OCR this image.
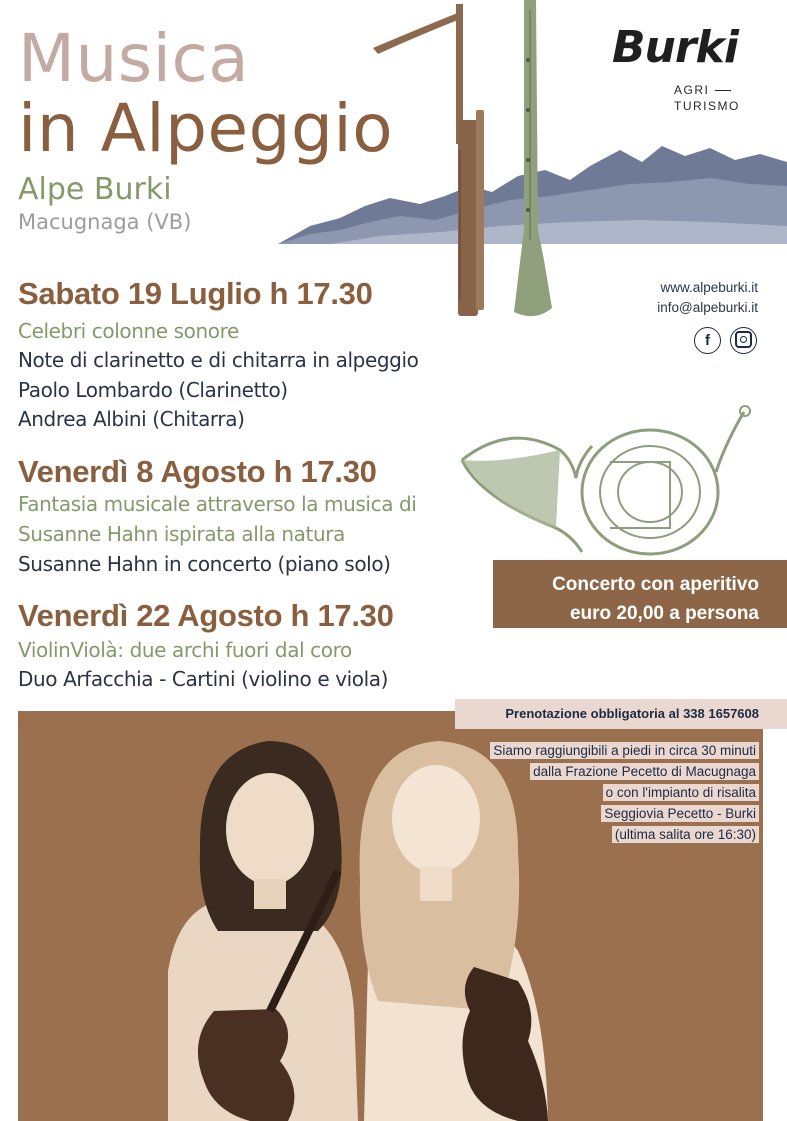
Musica
in Alpeggio
Alpe Burki
Macugnaga (VB)
Burki
AGRI
TURISMO
www.alpeburki.it
info@alpeburki.it
f
Sabato 19 Luglio h 17.30
Celebri colonne sonore
Note di clarinetto e di chitarra in alpeggio
Paolo Lombardo (Clarinetto)
Andrea Albini (Chitarra)
Venerdì 8 Agosto h 17.30
Fantasia musicale attraverso la musica di
Susanne Hahn ispirata alla natura
Susanne Hahn in concerto (piano solo)
Venerdì 22 Agosto h 17.30
ViolinViolà: due archi fuori dal coro
Duo Arfacchia - Cartini (violino e viola)
Concerto con aperitivo
euro 20,00 a persona
Prenotazione obbligatoria al 338 1657608
Siamo raggiungibili a piedi in circa 30 minuti
dalla Frazione Pecetto di Macugnaga
o con l'impianto di risalita
Seggiovia Pecetto - Burki
(ultima salita ore 16:30)
